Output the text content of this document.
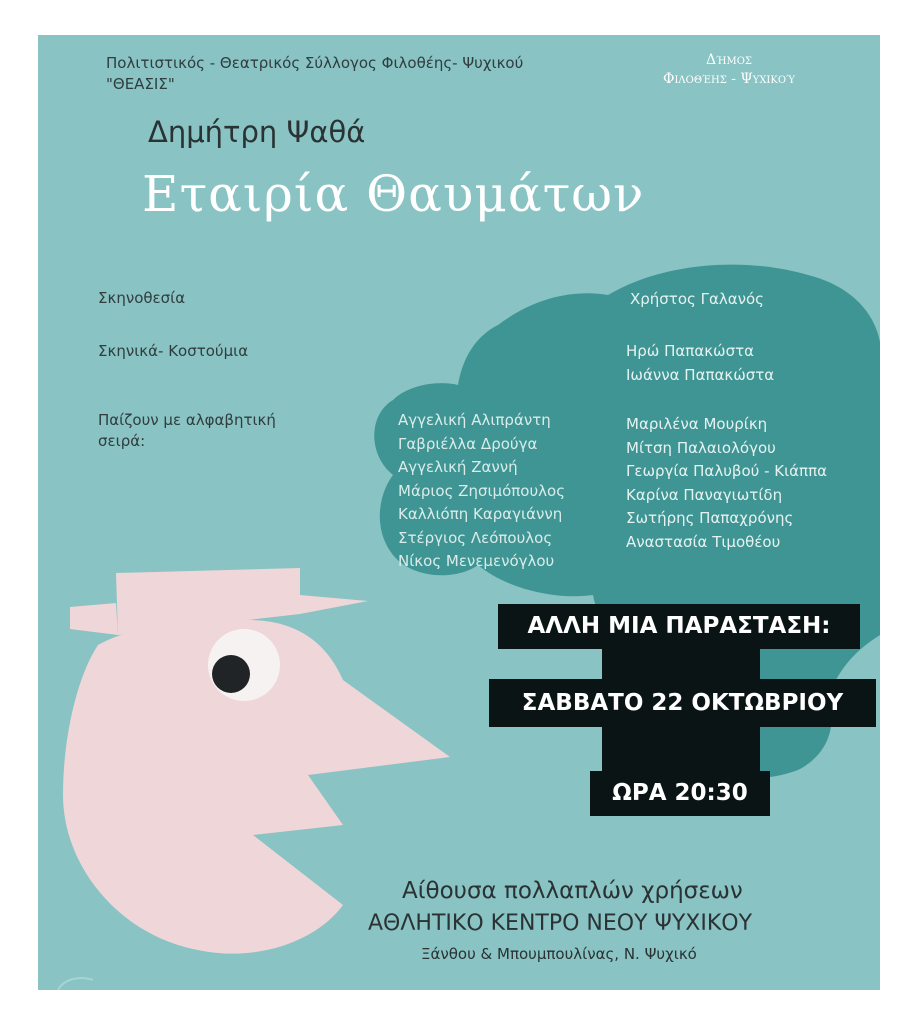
Πολιτιστικός - Θεατρικός Σύλλογος Φιλοθέης- Ψυχικού
"ΘΕΑΣΙΣ"
Δήμος
Φιλοθέης - Ψυχικού
Δημήτρη Ψαθά
Εταιρία Θαυμάτων
Σκηνοθεσία	Χρήστος Γαλανός
Σκηνικά- Κοστούμια	Ηρώ Παπακώστα
Ιωάννα Παπακώστα
Παίζουν με αλφαβητική
σειρά:
Αγγελική Αλιπράντη
Γαβριέλλα Δρούγα
Αγγελική Ζαννή
Μάριος Ζησιμόπουλος
Καλλιόπη Καραγιάννη
Στέργιος Λεόπουλος
Νίκος Μενεμενόγλου
Μαριλένα Μουρίκη
Μίτση Παλαιολόγου
Γεωργία Παλυβού - Κιάππα
Καρίνα Παναγιωτίδη
Σωτήρης Παπαχρόνης
Αναστασία Τιμοθέου
Αίθουσα πολλαπλών χρήσεων
ΑΘΛΗΤΙΚΟ ΚΕΝΤΡΟ ΝΕΟΥ ΨΥΧΙΚΟΥ
Ξάνθου & Μπουμπουλίνας, Ν. Ψυχικό
ΑΛΛΗ ΜΙΑ ΠΑΡΑΣΤΑΣΗ:
ΣΑΒΒΑΤΟ 22 ΟΚΤΩΒΡΙΟΥ
ΩΡΑ 20:30
